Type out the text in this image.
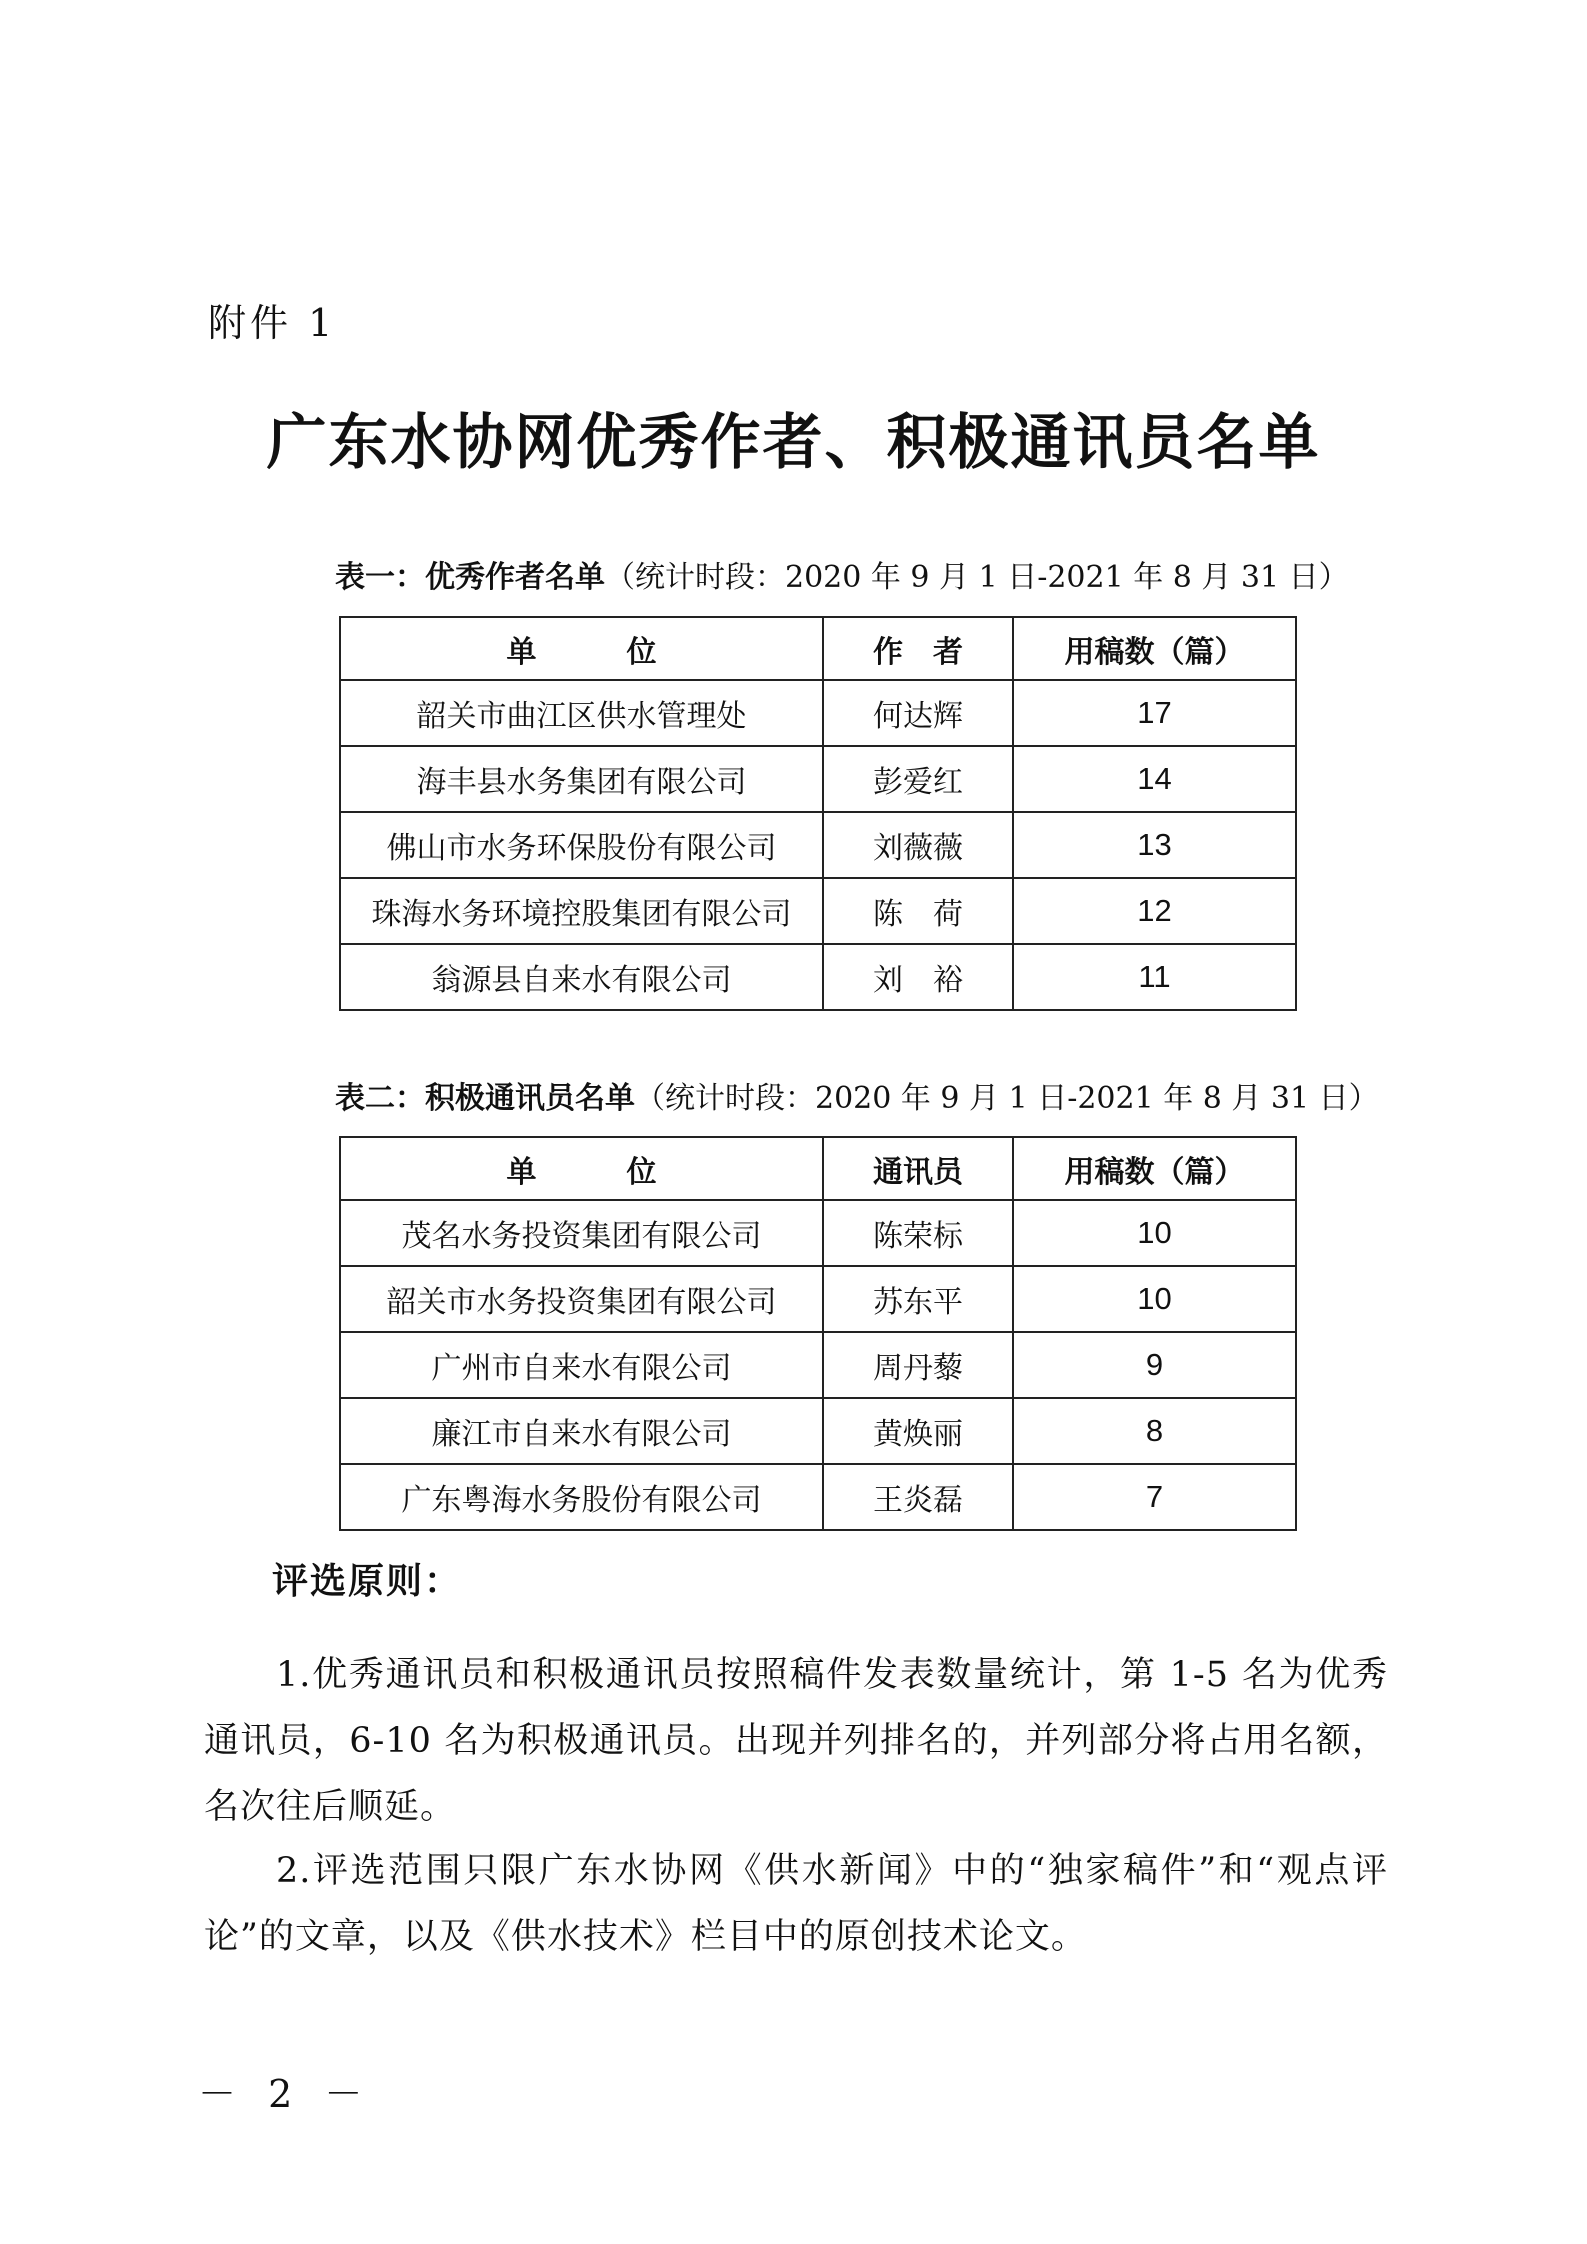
附件 1
广东水协网优秀作者、积极通讯员名单
表一：优秀作者名单（统计时段：2020 年 9 月 1 日-2021 年 8 月 31 日）
单　　　位	作　者	用稿数（篇）
韶关市曲江区供水管理处	何达辉	17
海丰县水务集团有限公司	彭爱红	14
佛山市水务环保股份有限公司	刘薇薇	13
珠海水务环境控股集团有限公司	陈　荷	12
翁源县自来水有限公司	刘　裕	11
表二：积极通讯员名单（统计时段：2020 年 9 月 1 日-2021 年 8 月 31 日）
单　　　位	通讯员	用稿数（篇）
茂名水务投资集团有限公司	陈荣标	10
韶关市水务投资集团有限公司	苏东平	10
广州市自来水有限公司	周丹藜	9
廉江市自来水有限公司	黄焕丽	8
广东粤海水务股份有限公司	王炎磊	7
评选原则：
1.优秀通讯员和积极通讯员按照稿件发表数量统计，第 1-5 名为优秀通讯员，6-10 名为积极通讯员。出现并列排名的，并列部分将占用名额，名次往后顺延。
2.评选范围只限广东水协网《供水新闻》中的“独家稿件”和“观点评论”的文章，以及《供水技术》栏目中的原创技术论文。
－ 2 －
